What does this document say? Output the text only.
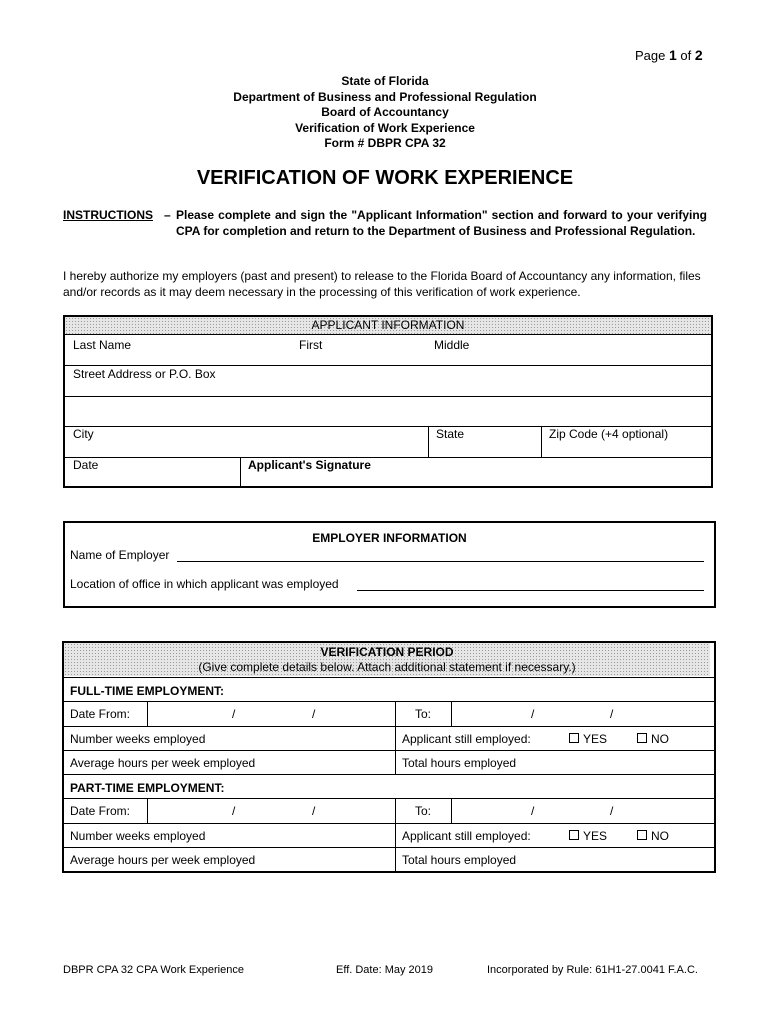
Page 1 of 2
State of Florida
Department of Business and Professional Regulation
Board of Accountancy
Verification of Work Experience
Form # DBPR CPA 32
VERIFICATION OF WORK EXPERIENCE
INSTRUCTIONS – Please complete and sign the "Applicant Information" section and forward to your verifying CPA for completion and return to the Department of Business and Professional Regulation.
I hereby authorize my employers (past and present) to release to the Florida Board of Accountancy any information, files and/or records as it may deem necessary in the processing of this verification of work experience.
APPLICANT INFORMATION
Last Name	First	Middle
Street Address or P.O. Box
City	State	Zip Code (+4 optional)
Date	Applicant's Signature
EMPLOYER INFORMATION
Name of Employer
Location of office in which applicant was employed
VERIFICATION PERIOD
(Give complete details below. Attach additional statement if necessary.)
FULL-TIME EMPLOYMENT:
Date From:	/	/	To:	/	/
Number weeks employed	Applicant still employed:	YES	NO
Average hours per week employed	Total hours employed
PART-TIME EMPLOYMENT:
Date From:	/	/	To:	/	/
Number weeks employed	Applicant still employed:	YES	NO
Average hours per week employed	Total hours employed
DBPR CPA 32 CPA Work Experience	Eff. Date: May 2019	Incorporated by Rule: 61H1-27.0041 F.A.C.
